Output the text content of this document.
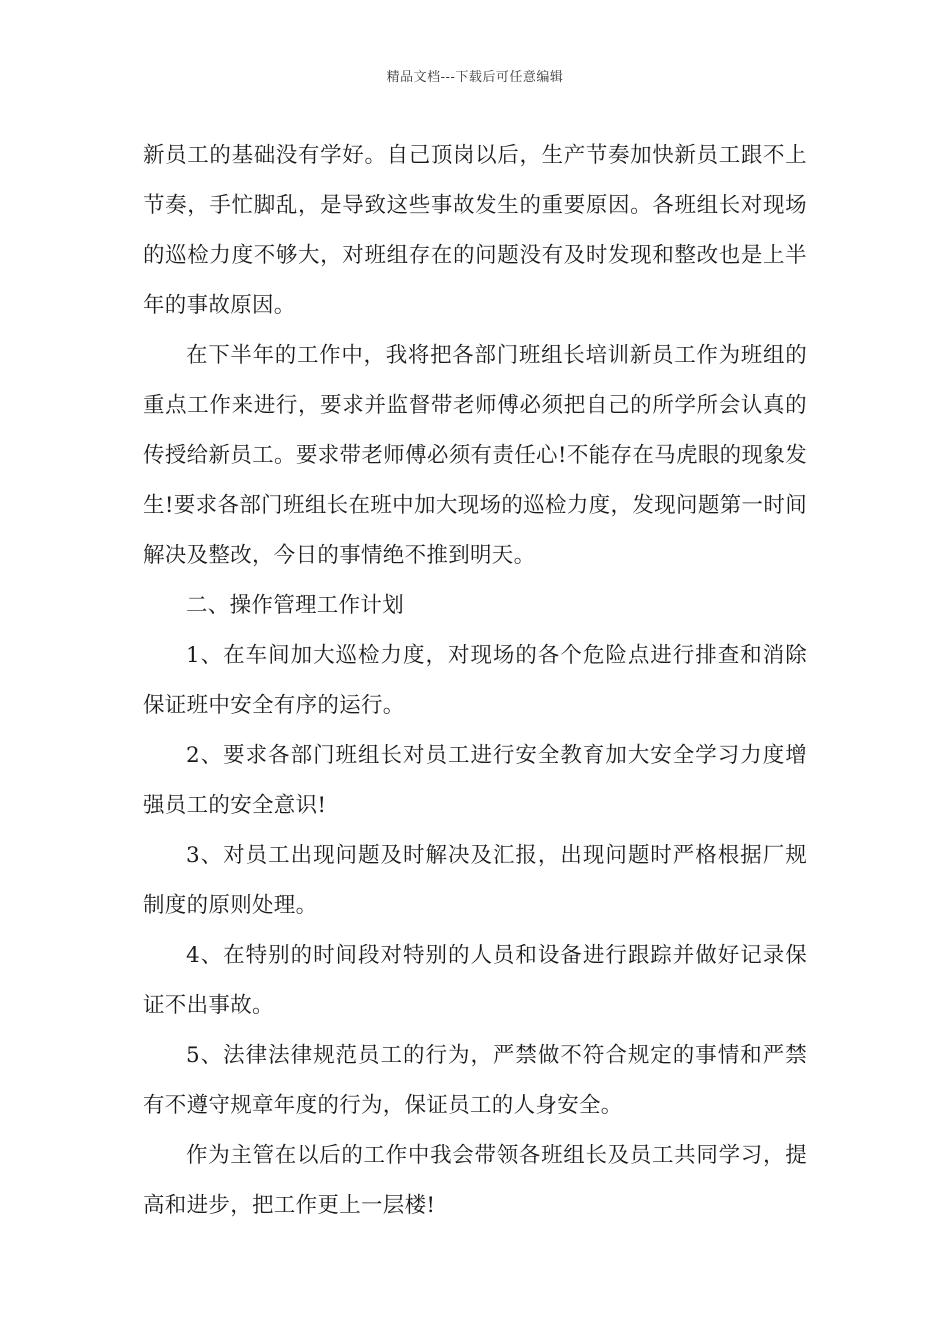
精品文档---下载后可任意编辑

新员工的基础没有学好。自己顶岗以后，生产节奏加快新员工跟不上节奏，手忙脚乱，是导致这些事故发生的重要原因。各班组长对现场的巡检力度不够大，对班组存在的问题没有及时发现和整改也是上半年的事故原因。

在下半年的工作中，我将把各部门班组长培训新员工作为班组的重点工作来进行，要求并监督带老师傅必须把自己的所学所会认真的传授给新员工。要求带老师傅必须有责任心!不能存在马虎眼的现象发生!要求各部门班组长在班中加大现场的巡检力度，发现问题第一时间解决及整改，今日的事情绝不推到明天。

二、操作管理工作计划

1、在车间加大巡检力度，对现场的各个危险点进行排查和消除保证班中安全有序的运行。

2、要求各部门班组长对员工进行安全教育加大安全学习力度增强员工的安全意识!

3、对员工出现问题及时解决及汇报，出现问题时严格根据厂规制度的原则处理。

4、在特别的时间段对特别的人员和设备进行跟踪并做好记录保证不出事故。

5、法律法律规范员工的行为，严禁做不符合规定的事情和严禁有不遵守规章年度的行为，保证员工的人身安全。

作为主管在以后的工作中我会带领各班组长及员工共同学习，提高和进步，把工作更上一层楼!
